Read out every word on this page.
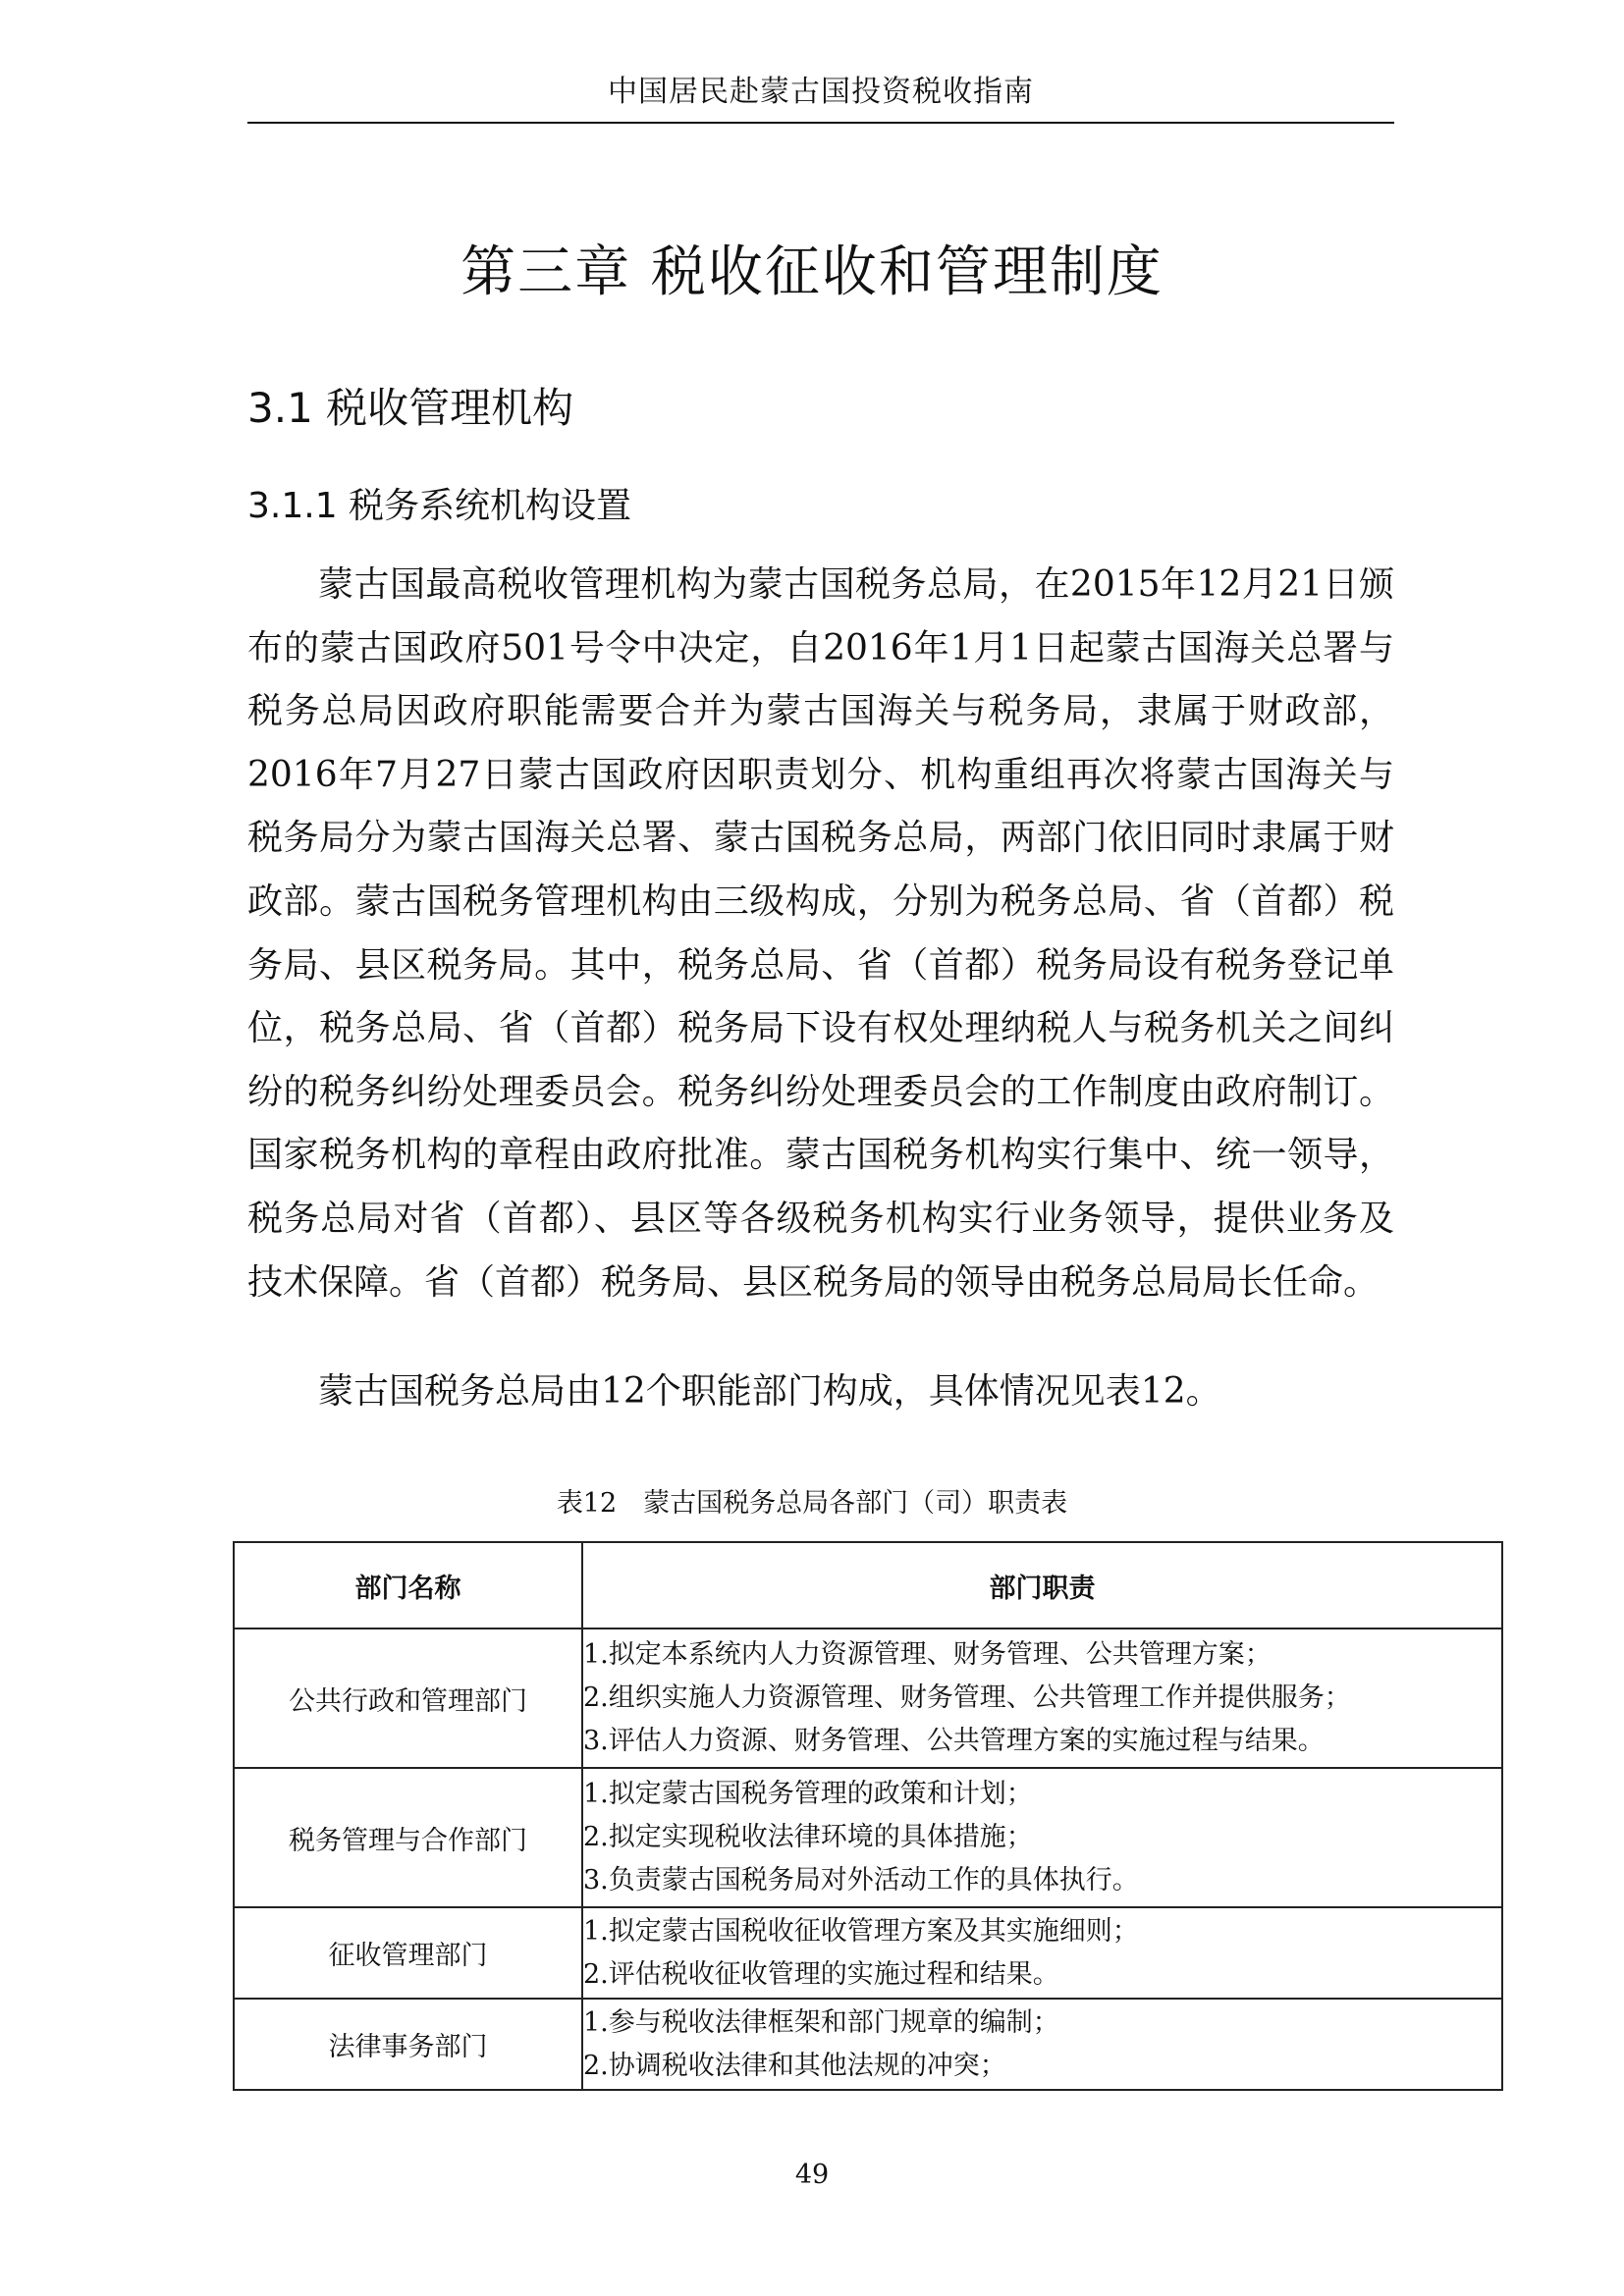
中国居民赴蒙古国投资税收指南
第三章 税收征收和管理制度
3.1 税收管理机构
3.1.1 税务系统机构设置

蒙古国最高税收管理机构为蒙古国税务总局，在2015年12月21日颁布的蒙古国政府501号令中决定，自2016年1月1日起蒙古国海关总署与税务总局因政府职能需要合并为蒙古国海关与税务局，隶属于财政部，2016年7月27日蒙古国政府因职责划分、机构重组再次将蒙古国海关与税务局分为蒙古国海关总署、蒙古国税务总局，两部门依旧同时隶属于财政部。蒙古国税务管理机构由三级构成，分别为税务总局、省（首都）税务局、县区税务局。其中，税务总局、省（首都）税务局设有税务登记单位，税务总局、省（首都）税务局下设有权处理纳税人与税务机关之间纠纷的税务纠纷处理委员会。税务纠纷处理委员会的工作制度由政府制订。国家税务机构的章程由政府批准。蒙古国税务机构实行集中、统一领导，税务总局对省（首都）、县区等各级税务机构实行业务领导，提供业务及技术保障。省（首都）税务局、县区税务局的领导由税务总局局长任命。

蒙古国税务总局由12个职能部门构成，具体情况见表12。

表12　蒙古国税务总局各部门（司）职责表
部门名称	部门职责
公共行政和管理部门	1.拟定本系统内人力资源管理、财务管理、公共管理方案；
2.组织实施人力资源管理、财务管理、公共管理工作并提供服务；
3.评估人力资源、财务管理、公共管理方案的实施过程与结果。

税务管理与合作部门	1.拟定蒙古国税务管理的政策和计划；
2.拟定实现税收法律环境的具体措施；
3.负责蒙古国税务局对外活动工作的具体执行。

征收管理部门	1.拟定蒙古国税收征收管理方案及其实施细则；
2.评估税收征收管理的实施过程和结果。

法律事务部门	1.参与税收法律框架和部门规章的编制；
2.协调税收法律和其他法规的冲突；
49
